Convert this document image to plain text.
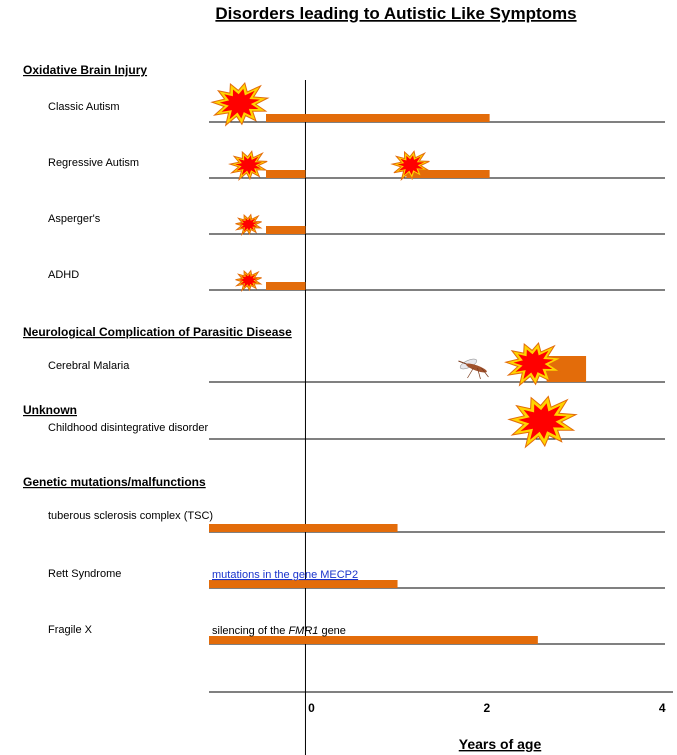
Disorders leading to Autistic Like Symptoms
0	2	4
Oxidative Brain Injury
Neurological Complication of Parasitic Disease
Unknown
Genetic mutations/malfunctions
Classic Autism
Regressive Autism
Asperger's
ADHD
Cerebral Malaria
Childhood disintegrative disorder
tuberous sclerosis complex (TSC)
Rett Syndrome	mutations in the gene MECP2
Fragile X	silencing of the FMR1 gene
Years of age
